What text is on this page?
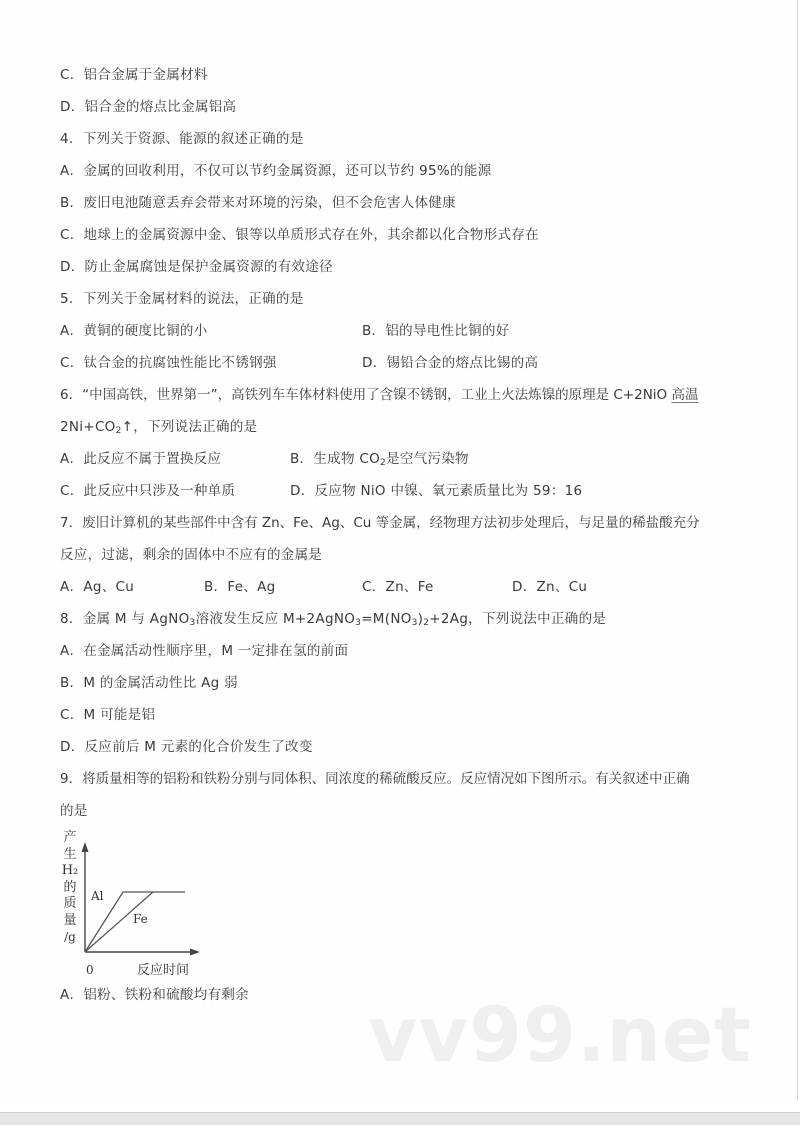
C．铝合金属于金属材料
D．铝合金的熔点比金属铝高
4．下列关于资源、能源的叙述正确的是
A．金属的回收利用，不仅可以节约金属资源，还可以节约 95%的能源
B．废旧电池随意丢弃会带来对环境的污染，但不会危害人体健康
C．地球上的金属资源中金、银等以单质形式存在外，其余都以化合物形式存在
D．防止金属腐蚀是保护金属资源的有效途径
5．下列关于金属材料的说法，正确的是
A．黄铜的硬度比铜的小	B．铝的导电性比铜的好
C．钛合金的抗腐蚀性能比不锈钢强	D．锡铅合金的熔点比锡的高
6．“中国高铁，世界第一”，高铁列车车体材料使用了含镍不锈钢，工业上火法炼镍的原理是 C+2NiO 高温
$2Ni+CO_2↑$，下列说法正确的是
A．此反应不属于置换反应	B．生成物 $CO_2$是空气污染物
C．此反应中只涉及一种单质	D．反应物 NiO 中镍、氧元素质量比为 59：16
7．废旧计算机的某些部件中含有 Zn、Fe、Ag、Cu 等金属，经物理方法初步处理后，与足量的稀盐酸充分
反应，过滤，剩余的固体中不应有的金属是
A．Ag、Cu	B．Fe、Ag	C．Zn、Fe	D．Zn、Cu
8．金属 M 与 AgNO$_3$溶液发生反应 $M+2AgNO_3=M(NO_3)_2+2Ag$，下列说法中正确的是
A．在金属活动性顺序里，M 一定排在氢的前面
B．M 的金属活动性比 Ag 弱
C．M 可能是铝
D．反应前后 M 元素的化合价发生了改变
9．将质量相等的铝粉和铁粉分别与同体积、同浓度的稀硫酸反应。反应情况如下图所示。有关叙述中正确
的是
产
生
H₂
的
质
量
/g
Al
Fe
0	反应时间
A．铝粉、铁粉和硫酸均有剩余 vv99.net
